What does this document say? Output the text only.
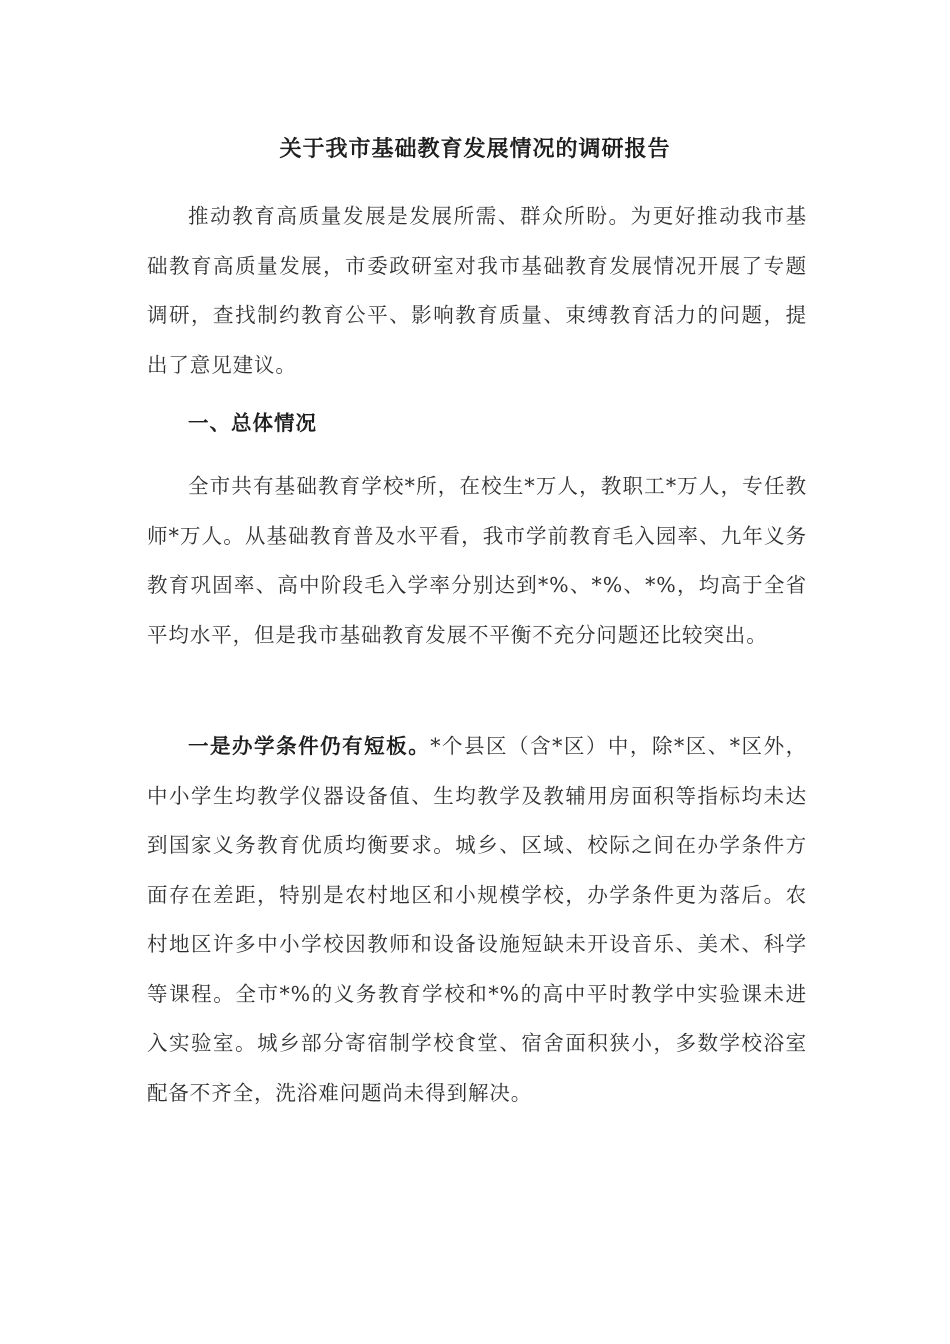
关于我市基础教育发展情况的调研报告

推动教育高质量发展是发展所需、群众所盼。为更好推动我市基础教育高质量发展，市委政研室对我市基础教育发展情况开展了专题调研，查找制约教育公平、影响教育质量、束缚教育活力的问题，提出了意见建议。

一、总体情况

全市共有基础教育学校*所，在校生*万人，教职工*万人，专任教师*万人。从基础教育普及水平看，我市学前教育毛入园率、九年义务教育巩固率、高中阶段毛入学率分别达到*%、*%、*%，均高于全省平均水平，但是我市基础教育发展不平衡不充分问题还比较突出。

一是办学条件仍有短板。*个县区（含*区）中，除*区、*区外，中小学生均教学仪器设备值、生均教学及教辅用房面积等指标均未达到国家义务教育优质均衡要求。城乡、区域、校际之间在办学条件方面存在差距，特别是农村地区和小规模学校，办学条件更为落后。农村地区许多中小学校因教师和设备设施短缺未开设音乐、美术、科学等课程。全市*%的义务教育学校和*%的高中平时教学中实验课未进入实验室。城乡部分寄宿制学校食堂、宿舍面积狭小，多数学校浴室配备不齐全，洗浴难问题尚未得到解决。
